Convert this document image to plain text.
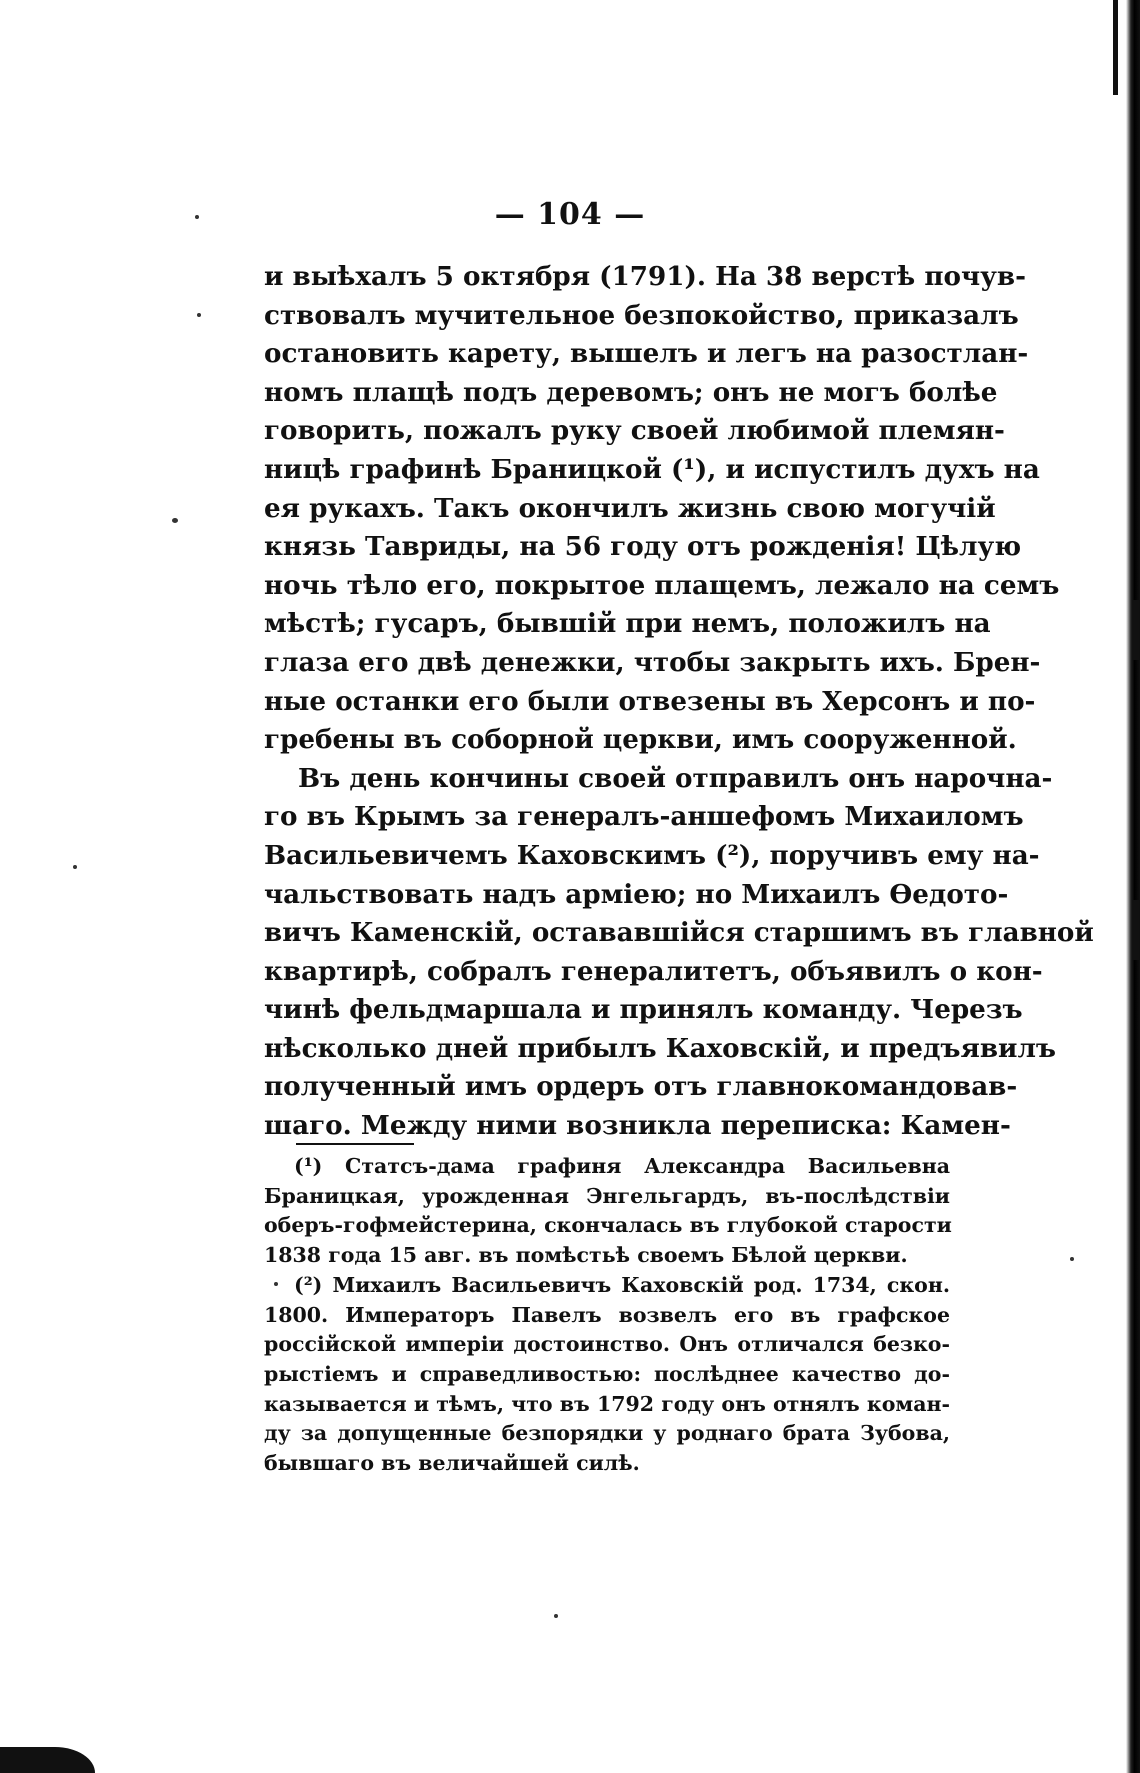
— 104 —
и выѣхалъ 5 октября (1791). На 38 верстѣ почув-
ствовалъ мучительное безпокойство, приказалъ
остановить карету, вышелъ и легъ на разостлан-
номъ плащѣ подъ деревомъ; онъ не могъ болѣе
говорить, пожалъ руку своей любимой племян-
ницѣ графинѣ Браницкой (¹), и испустилъ духъ на
ея рукахъ. Такъ окончилъ жизнь свою могучій
князь Тавриды, на 56 году отъ рожденія! Цѣлую
ночь тѣло его, покрытое плащемъ, лежало на семъ
мѣстѣ; гусаръ, бывшій при немъ, положилъ на
глаза его двѣ денежки, чтобы закрыть ихъ. Брен-
ные останки его были отвезены въ Херсонъ и по-
гребены въ соборной церкви, имъ сооруженной.
Въ день кончины своей отправилъ онъ нарочна-
го въ Крымъ за генералъ-аншефомъ Михаиломъ
Васильевичемъ Каховскимъ (²), поручивъ ему на-
чальствовать надъ арміею; но Михаилъ Ѳедото-
вичъ Каменскій, остававшійся старшимъ въ главной
квартирѣ, собралъ генералитетъ, объявилъ о кон-
чинѣ фельдмаршала и принялъ команду. Черезъ
нѣсколько дней прибылъ Каховскій, и предъявилъ
полученный имъ ордеръ отъ главнокомандовав-
шаго. Между ними возникла переписка: Камен-
(¹) Статсъ-дама графиня Александра Васильевна
Браницкая, урожденная Энгельгардъ, въ-послѣдствіи
оберъ-гофмейстерина, скончалась въ глубокой старости
1838 года 15 авг. въ помѣстьѣ своемъ Бѣлой церкви.
(²) Михаилъ Васильевичъ Каховскій род. 1734, скон.
1800. Императоръ Павелъ возвелъ его въ графское
россійской имперіи достоинство. Онъ отличался безко-
рыстіемъ и справедливостью: послѣднее качество до-
казывается и тѣмъ, что въ 1792 году онъ отнялъ коман-
ду за допущенные безпорядки у роднаго брата Зубова,
бывшаго въ величайшей силѣ.
